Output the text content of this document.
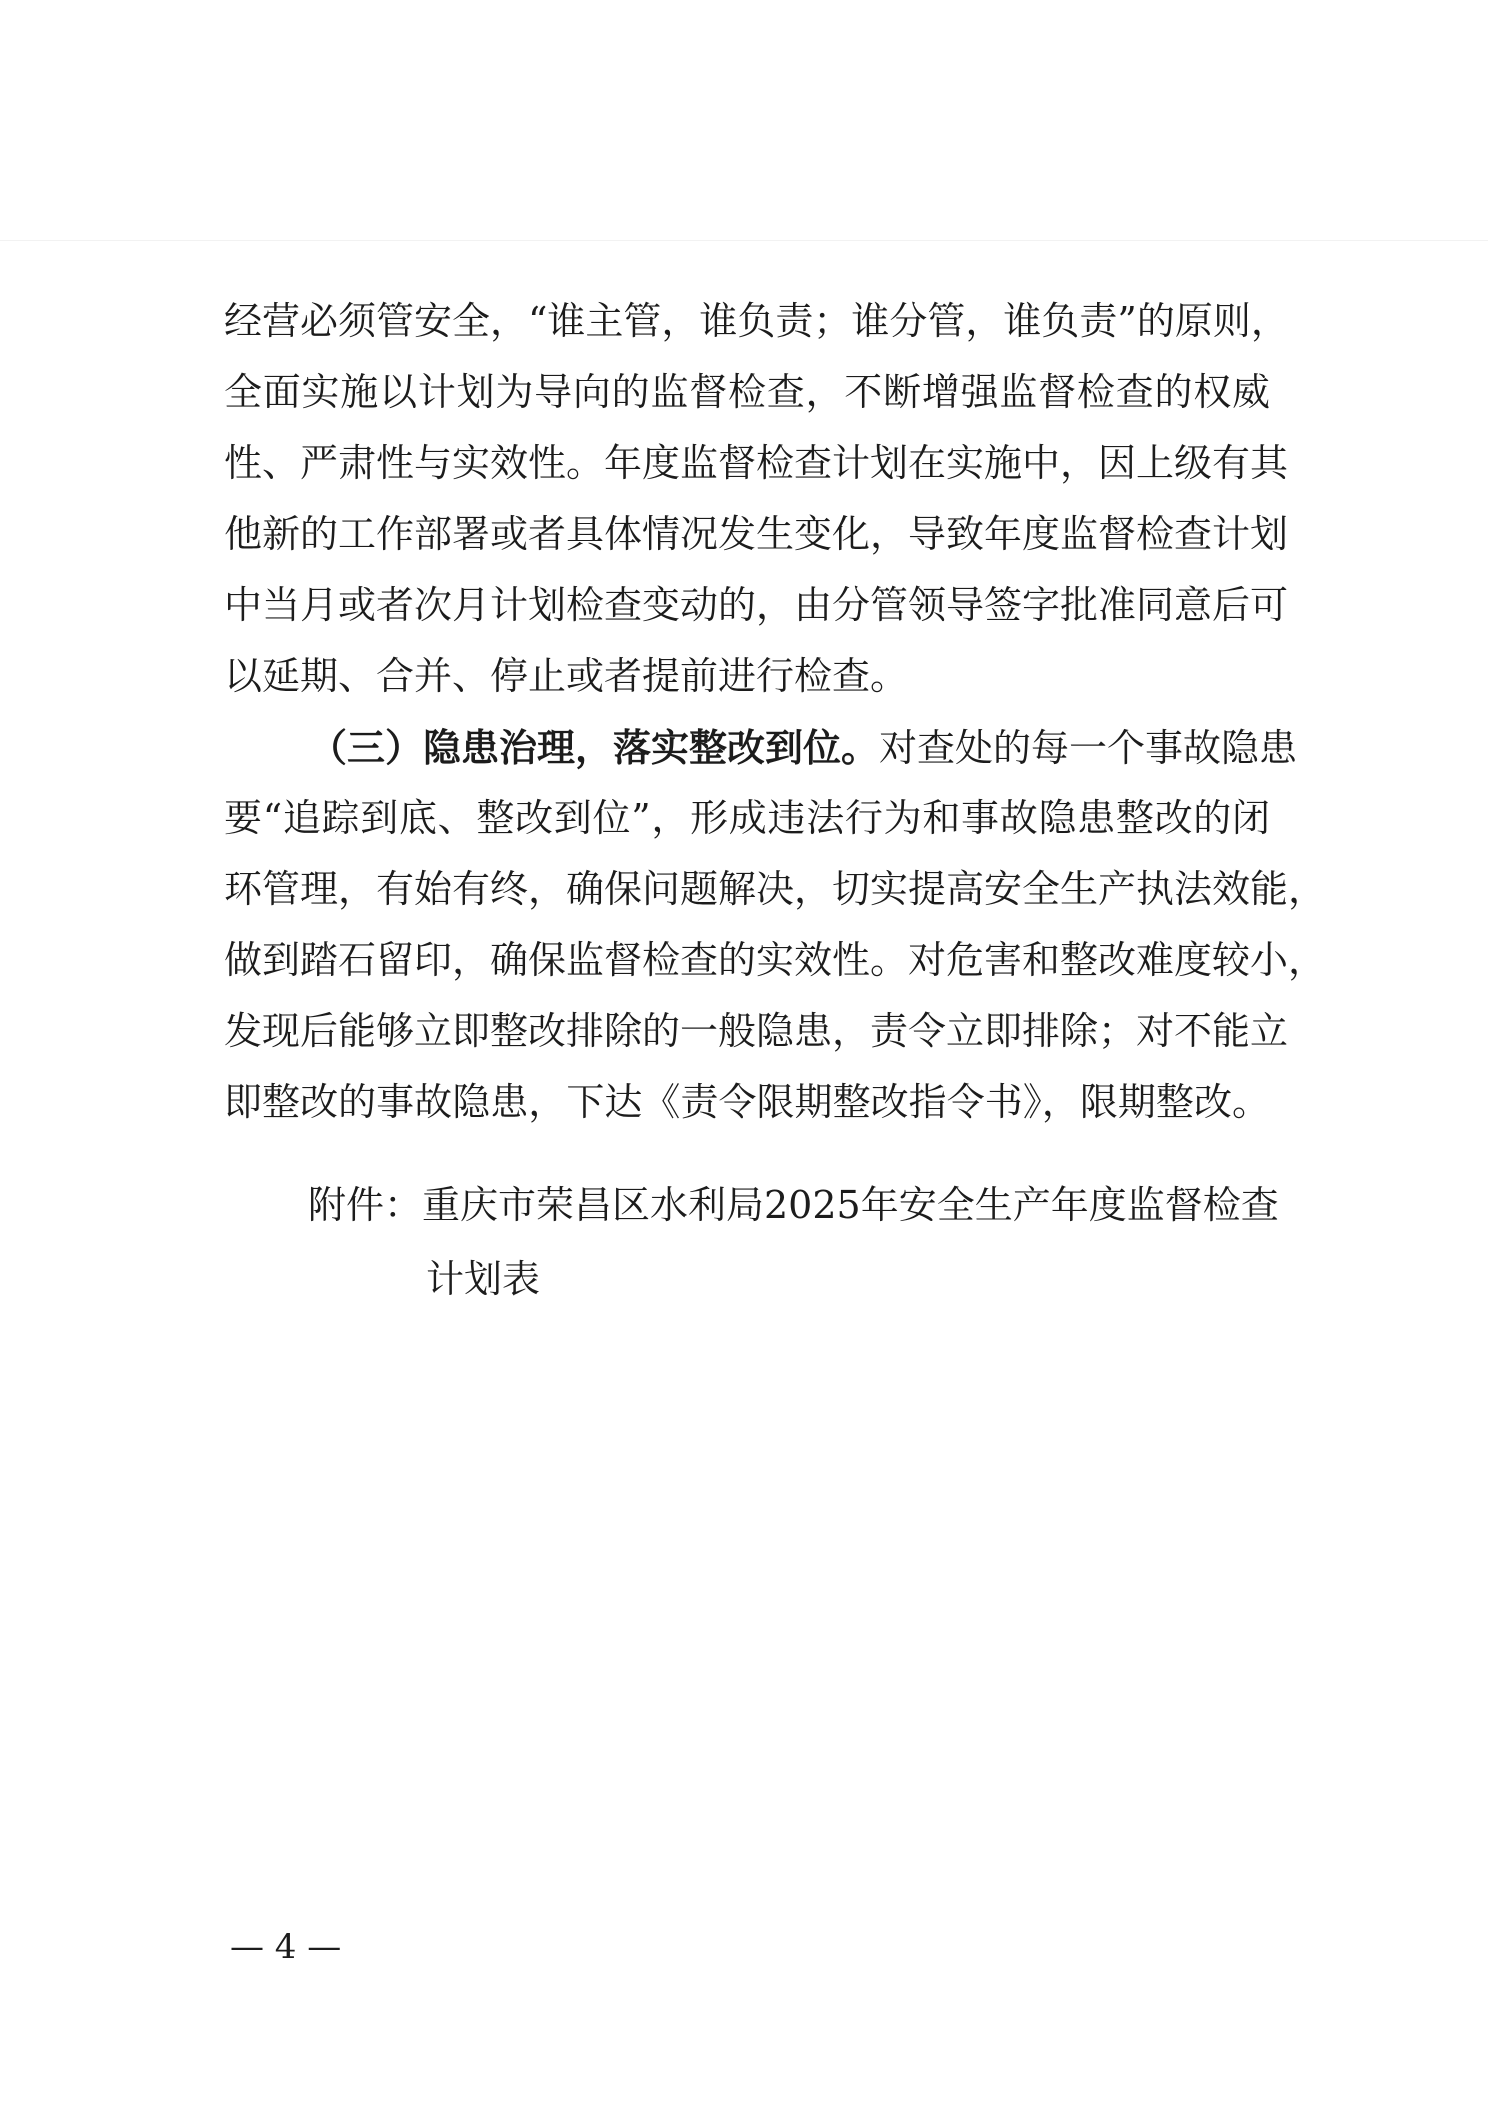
经营必须管安全，“谁主管，谁负责；谁分管，谁负责”的原则，
全面实施以计划为导向的监督检查，不断增强监督检查的权威
性、严肃性与实效性。年度监督检查计划在实施中，因上级有其
他新的工作部署或者具体情况发生变化，导致年度监督检查计划
中当月或者次月计划检查变动的，由分管领导签字批准同意后可
以延期、合并、停止或者提前进行检查。
（三）隐患治理，落实整改到位。对查处的每一个事故隐患
要“追踪到底、整改到位”，形成违法行为和事故隐患整改的闭
环管理，有始有终，确保问题解决，切实提高安全生产执法效能，
做到踏石留印，确保监督检查的实效性。对危害和整改难度较小，
发现后能够立即整改排除的一般隐患，责令立即排除；对不能立
即整改的事故隐患，下达《责令限期整改指令书》，限期整改。
附件：重庆市荣昌区水利局2025年安全生产年度监督检查
计划表
— 4 —
